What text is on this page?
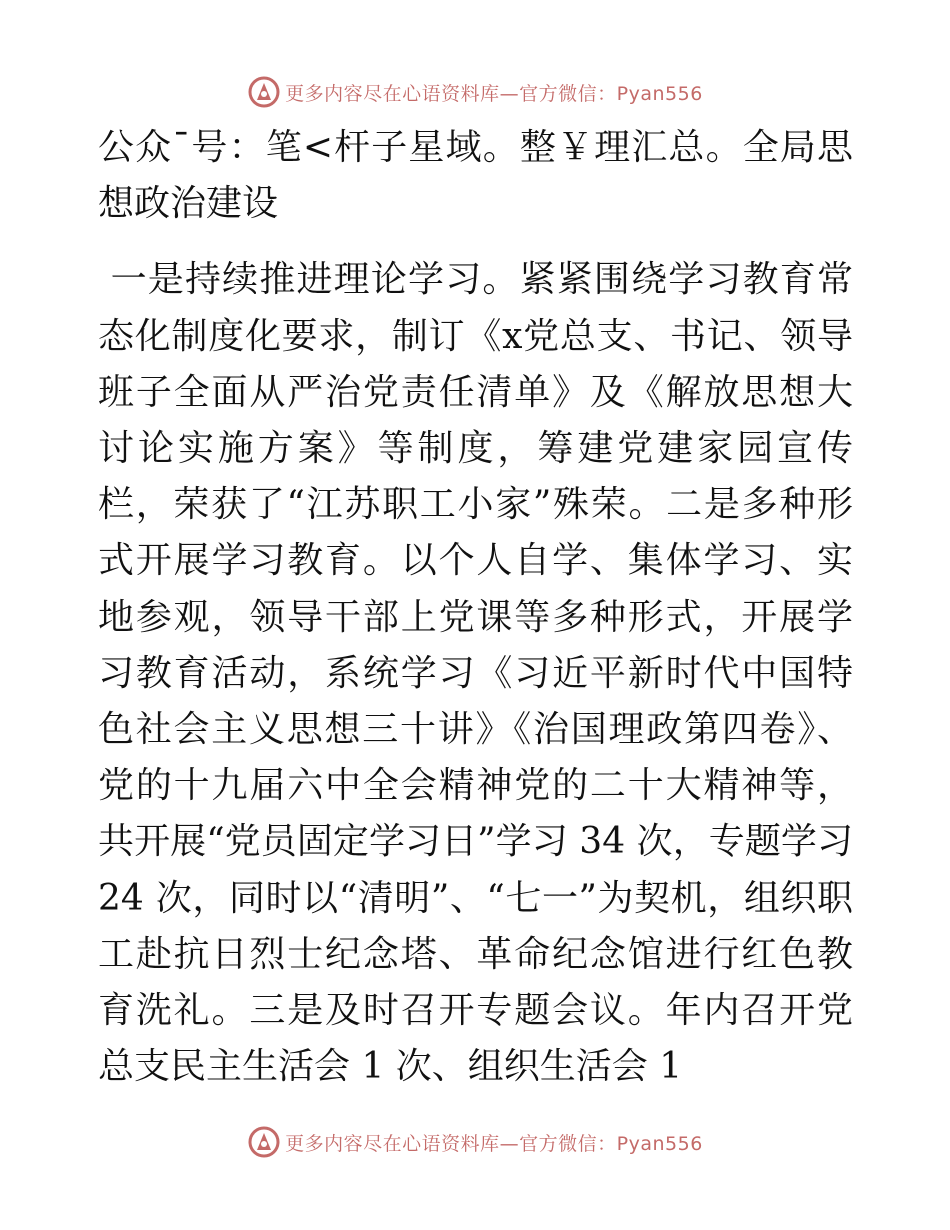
更多内容尽在心语资料库—官方微信：Pyan556

公众¯号：笔<杆子星域。整￥理汇总。全局思想政治建设

一是持续推进理论学习。紧紧围绕学习教育常态化制度化要求，制订《x党总支、书记、领导班子全面从严治党责任清单》及《解放思想大讨论实施方案》等制度，筹建党建家园宣传栏，荣获了“江苏职工小家”殊荣。二是多种形式开展学习教育。以个人自学、集体学习、实地参观，领导干部上党课等多种形式，开展学习教育活动，系统学习《习近平新时代中国特色社会主义思想三十讲》《治国理政第四卷》、党的十九届六中全会精神党的二十大精神等，共开展“党员固定学习日”学习 34 次，专题学习 24 次，同时以“清明”、“七一”为契机，组织职工赴抗日烈士纪念塔、革命纪念馆进行红色教育洗礼。三是及时召开专题会议。年内召开党总支民主生活会 1 次、组织生活会 1

更多内容尽在心语资料库—官方微信：Pyan556
